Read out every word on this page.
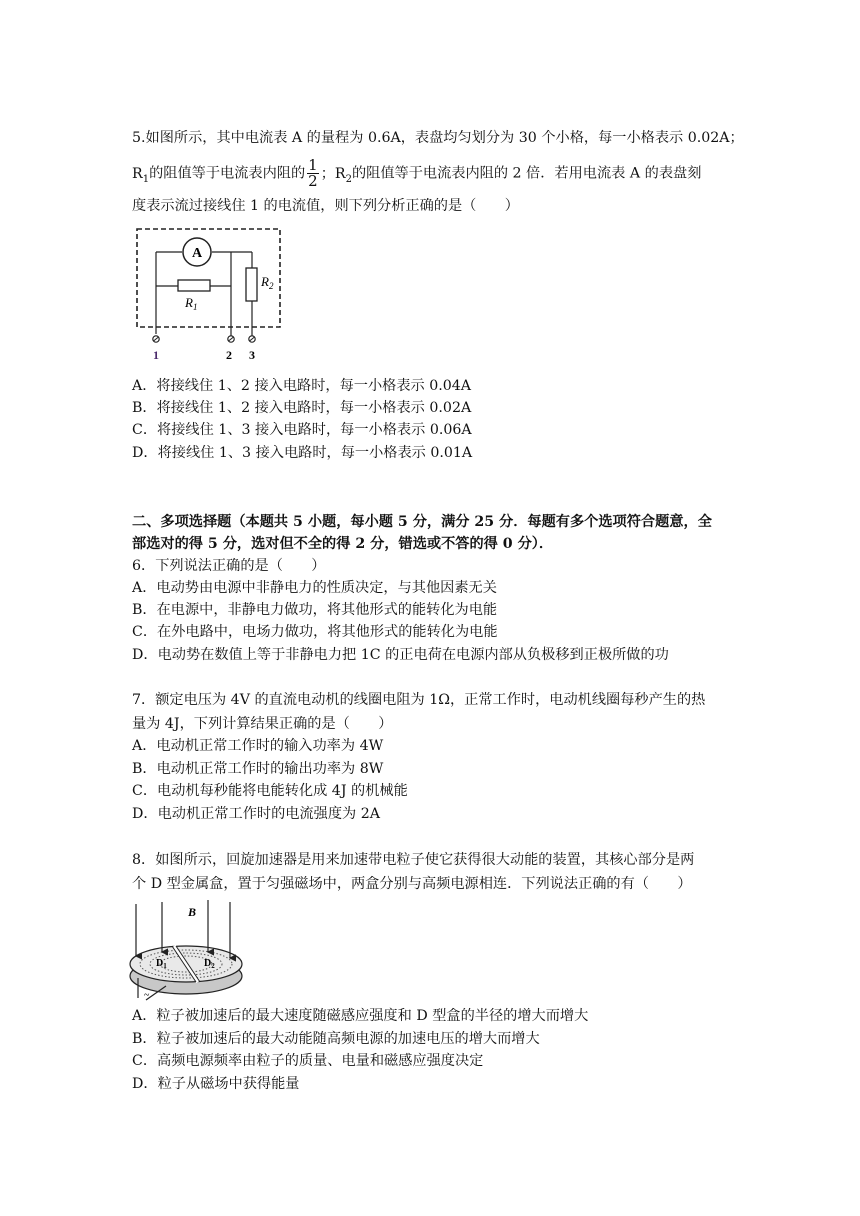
5.如图所示，其中电流表 A 的量程为 0.6A，表盘均匀划分为 30 个小格，每一小格表示 0.02A；
$R_1$的阻值等于电流表内阻的 $\frac{1}{2}$ ；$R_2$的阻值等于电流表内阻的 2 倍．若用电流表 A 的表盘刻
度表示流过接线住 1 的电流值，则下列分析正确的是（　　）
A
$R_1$
$R_2$
1	2 3
A．将接线住 1、2 接入电路时，每一小格表示 0.04A
B．将接线住 1、2 接入电路时，每一小格表示 0.02A
C．将接线住 1、3 接入电路时，每一小格表示 0.06A
D．将接线住 1、3 接入电路时，每一小格表示 0.01A
二、多项选择题（本题共 5 小题，每小题 5 分，满分 25 分．每题有多个选项符合题意，全
部选对的得 5 分，选对但不全的得 2 分，错选或不答的得 0 分）．
6．下列说法正确的是（　　）
A．电动势由电源中非静电力的性质决定，与其他因素无关
B．在电源中，非静电力做功，将其他形式的能转化为电能
C．在外电路中，电场力做功，将其他形式的能转化为电能
D．电动势在数值上等于非静电力把 1C 的正电荷在电源内部从负极移到正极所做的功
7．额定电压为 4V 的直流电动机的线圈电阻为 1Ω，正常工作时，电动机线圈每秒产生的热
量为 4J，下列计算结果正确的是（　　）
A．电动机正常工作时的输入功率为 4W
B．电动机正常工作时的输出功率为 8W
C．电动机每秒能将电能转化成 4J 的机械能
D．电动机正常工作时的电流强度为 2A
8．如图所示，回旋加速器是用来加速带电粒子使它获得很大动能的装置，其核心部分是两
个 D 型金属盒，置于匀强磁场中，两盒分别与高频电源相连．下列说法正确的有（　　）
B
$D_1$	$D_2$
~
A．粒子被加速后的最大速度随磁感应强度和 D 型盒的半径的增大而增大
B．粒子被加速后的最大动能随高频电源的加速电压的增大而增大
C．高频电源频率由粒子的质量、电量和磁感应强度决定
D．粒子从磁场中获得能量
